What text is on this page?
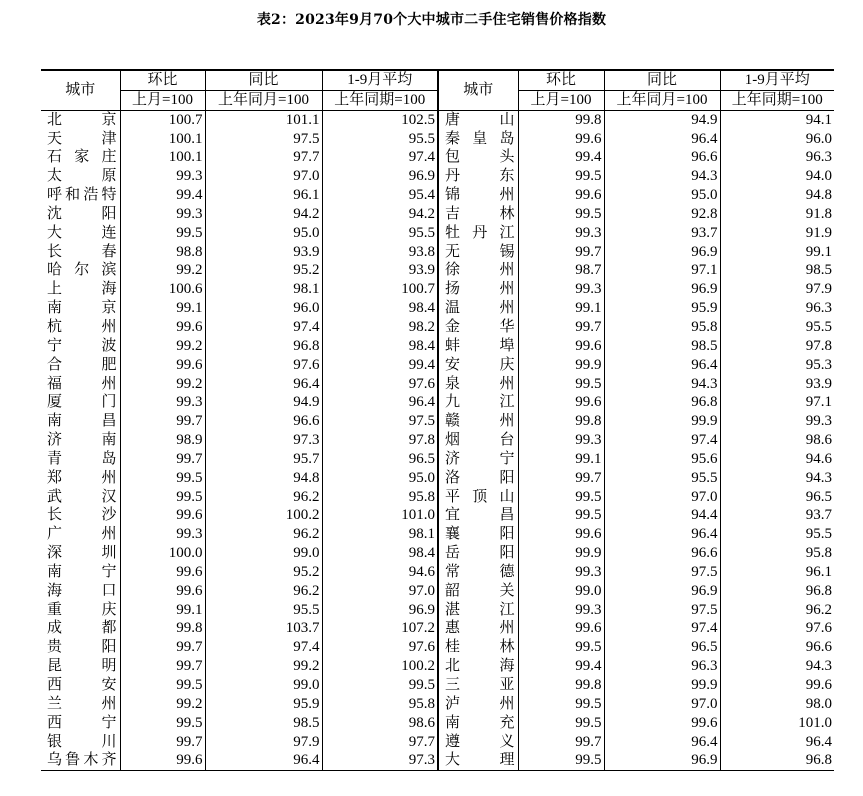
表2：2023年9月70个大中城市二手住宅销售价格指数
城市	环比	同比	1-9月平均	城市	环比	同比	1-9月平均
	上月=100	上年同月=100	上年同期=100		上月=100	上年同月=100	上年同期=100
北京	100.7	101.1	102.5	唐山	99.8	94.9	94.1
天津	100.1	97.5	95.5	秦皇岛	99.6	96.4	96.0
石家庄	100.1	97.7	97.4	包头	99.4	96.6	96.3
太原	99.3	97.0	96.9	丹东	99.5	94.3	94.0
呼和浩特	99.4	96.1	95.4	锦州	99.6	95.0	94.8
沈阳	99.3	94.2	94.2	吉林	99.5	92.8	91.8
大连	99.5	95.0	95.5	牡丹江	99.3	93.7	91.9
长春	98.8	93.9	93.8	无锡	99.7	96.9	99.1
哈尔滨	99.2	95.2	93.9	徐州	98.7	97.1	98.5
上海	100.6	98.1	100.7	扬州	99.3	96.9	97.9
南京	99.1	96.0	98.4	温州	99.1	95.9	96.3
杭州	99.6	97.4	98.2	金华	99.7	95.8	95.5
宁波	99.2	96.8	98.4	蚌埠	99.6	98.5	97.8
合肥	99.6	97.6	99.4	安庆	99.9	96.4	95.3
福州	99.2	96.4	97.6	泉州	99.5	94.3	93.9
厦门	99.3	94.9	96.4	九江	99.6	96.8	97.1
南昌	99.7	96.6	97.5	赣州	99.8	99.9	99.3
济南	98.9	97.3	97.8	烟台	99.3	97.4	98.6
青岛	99.7	95.7	96.5	济宁	99.1	95.6	94.6
郑州	99.5	94.8	95.0	洛阳	99.7	95.5	94.3
武汉	99.5	96.2	95.8	平顶山	99.5	97.0	96.5
长沙	99.6	100.2	101.0	宜昌	99.5	94.4	93.7
广州	99.3	96.2	98.1	襄阳	99.6	96.4	95.5
深圳	100.0	99.0	98.4	岳阳	99.9	96.6	95.8
南宁	99.6	95.2	94.6	常德	99.3	97.5	96.1
海口	99.6	96.2	97.0	韶关	99.0	96.9	96.8
重庆	99.1	95.5	96.9	湛江	99.3	97.5	96.2
成都	99.8	103.7	107.2	惠州	99.6	97.4	97.6
贵阳	99.7	97.4	97.6	桂林	99.5	96.5	96.6
昆明	99.7	99.2	100.2	北海	99.4	96.3	94.3
西安	99.5	99.0	99.5	三亚	99.8	99.9	99.6
兰州	99.2	95.9	95.8	泸州	99.5	97.0	98.0
西宁	99.5	98.5	98.6	南充	99.5	99.6	101.0
银川	99.7	97.9	97.7	遵义	99.7	96.4	96.4
乌鲁木齐	99.6	96.4	97.3	大理	99.5	96.9	96.8
